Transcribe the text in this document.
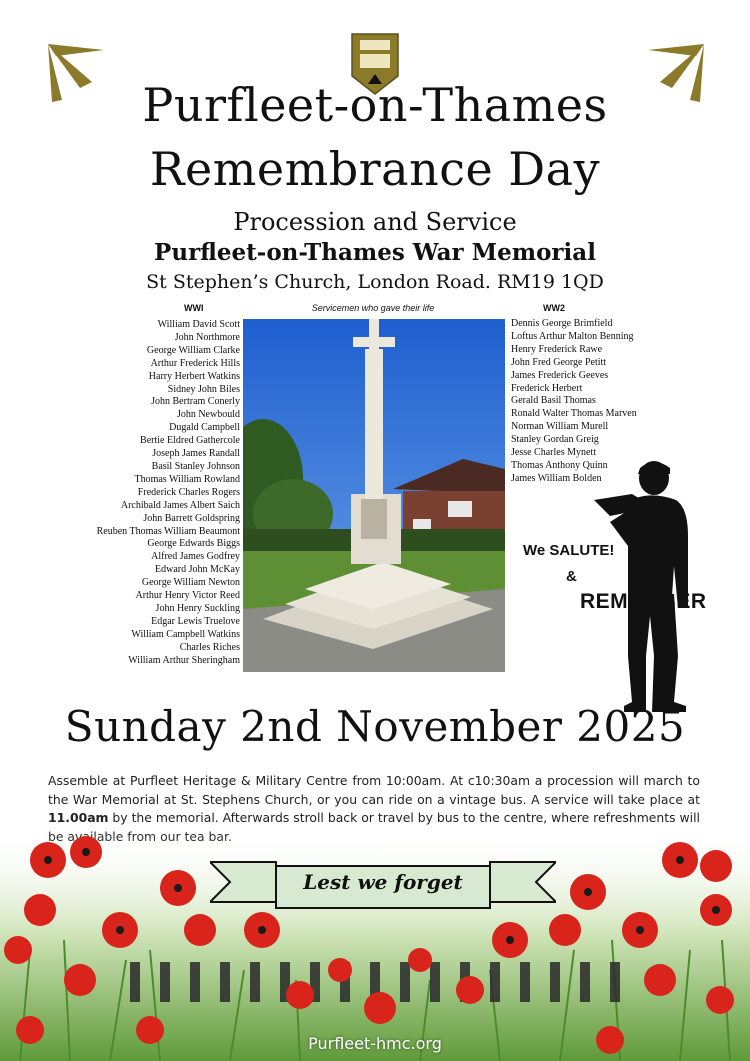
Purfleet-on-Thames
Remembrance Day
Procession and Service
Purfleet-on-Thames War Memorial
St Stephen’s Church, London Road. RM19 1QD
WWI	Servicemen who gave their life	WW2
William David Scott
John Northmore
George William Clarke
Arthur Frederick Hills
Harry Herbert Watkins
Sidney John Biles
John Bertram Conerly
John Newbould
Dugald Campbell
Bertie Eldred Gathercole
Joseph James Randall
Basil Stanley Johnson
Thomas William Rowland
Frederick Charles Rogers
Archibald James Albert Saich
John Barrett Goldspring
Reuben Thomas William Beaumont
George Edwards Biggs
Alfred James Godfrey
Edward John McKay
George William Newton
Arthur Henry Victor Reed
John Henry Suckling
Edgar Lewis Truelove
William Campbell Watkins
Charles Riches
William Arthur Sheringham
Dennis George Brimfield
Loftus Arthur Malton Benning
Henry Frederick Rawe
John Fred George Petitt
James Frederick Geeves
Frederick Herbert
Gerald Basil Thomas
Ronald Walter Thomas Marven
Norman William Murell
Stanley Gordan Greig
Jesse Charles Mynett
Thomas Anthony Quinn
James William Bolden
We SALUTE!
&
REMEMBER
Sunday 2nd November 2025

Assemble at Purfleet Heritage & Military Centre from 10:00am. At c10:30am a procession will march to the War Memorial at St. Stephens Church, or you can ride on a vintage bus. A service will take place at 11.00am by the memorial. Afterwards stroll back or travel by bus to the centre, where refreshments will

Lest we forget
Purfleet-hmc.org
